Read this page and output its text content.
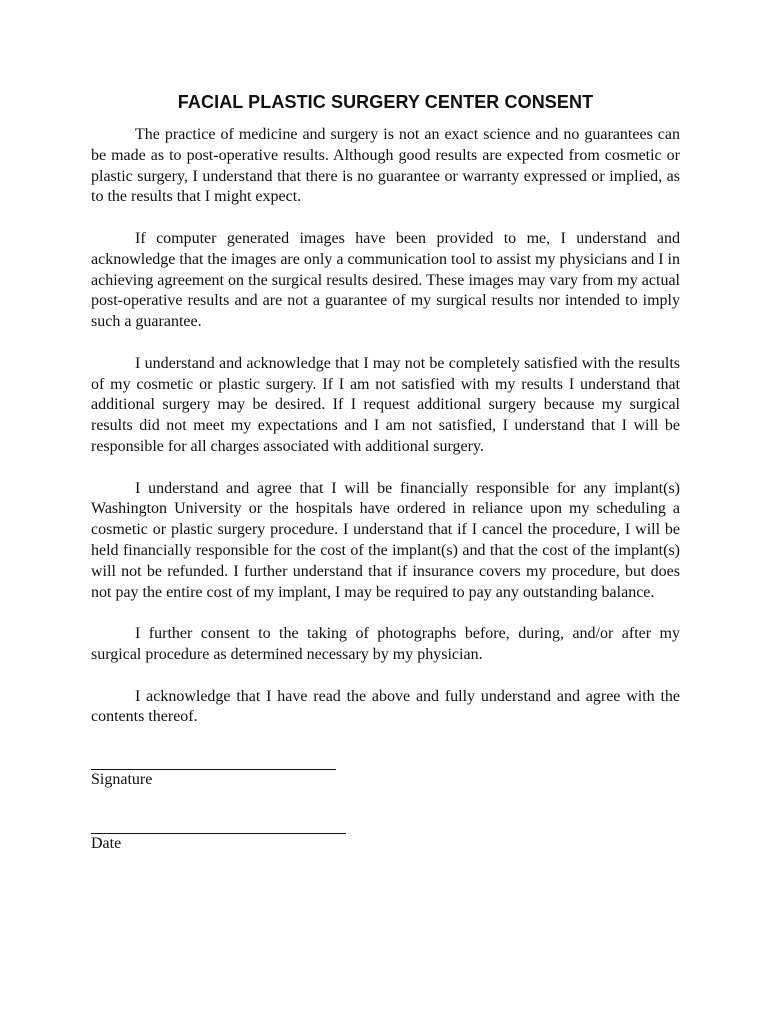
FACIAL PLASTIC SURGERY CENTER CONSENT

The practice of medicine and surgery is not an exact science and no guarantees can be made as to post-operative results. Although good results are expected from cosmetic or plastic surgery, I understand that there is no guarantee or warranty expressed or implied, as to the results that I might expect.

If computer generated images have been provided to me, I understand and acknowledge that the images are only a communication tool to assist my physicians and I in achieving agreement on the surgical results desired. These images may vary from my actual post-operative results and are not a guarantee of my surgical results nor intended to imply such a guarantee.

I understand and acknowledge that I may not be completely satisfied with the results of my cosmetic or plastic surgery. If I am not satisfied with my results I understand that additional surgery may be desired. If I request additional surgery because my surgical results did not meet my expectations and I am not satisfied, I understand that I will be responsible for all charges associated with additional surgery.

I understand and agree that I will be financially responsible for any implant(s) Washington University or the hospitals have ordered in reliance upon my scheduling a cosmetic or plastic surgery procedure. I understand that if I cancel the procedure, I will be held financially responsible for the cost of the implant(s) and that the cost of the implant(s) will not be refunded. I further understand that if insurance covers my procedure, but does not pay the entire cost of my implant, I may be required to pay any outstanding balance.

I further consent to the taking of photographs before, during, and/or after my surgical procedure as determined necessary by my physician.

I acknowledge that I have read the above and fully understand and agree with the contents thereof.

Signature
Date
